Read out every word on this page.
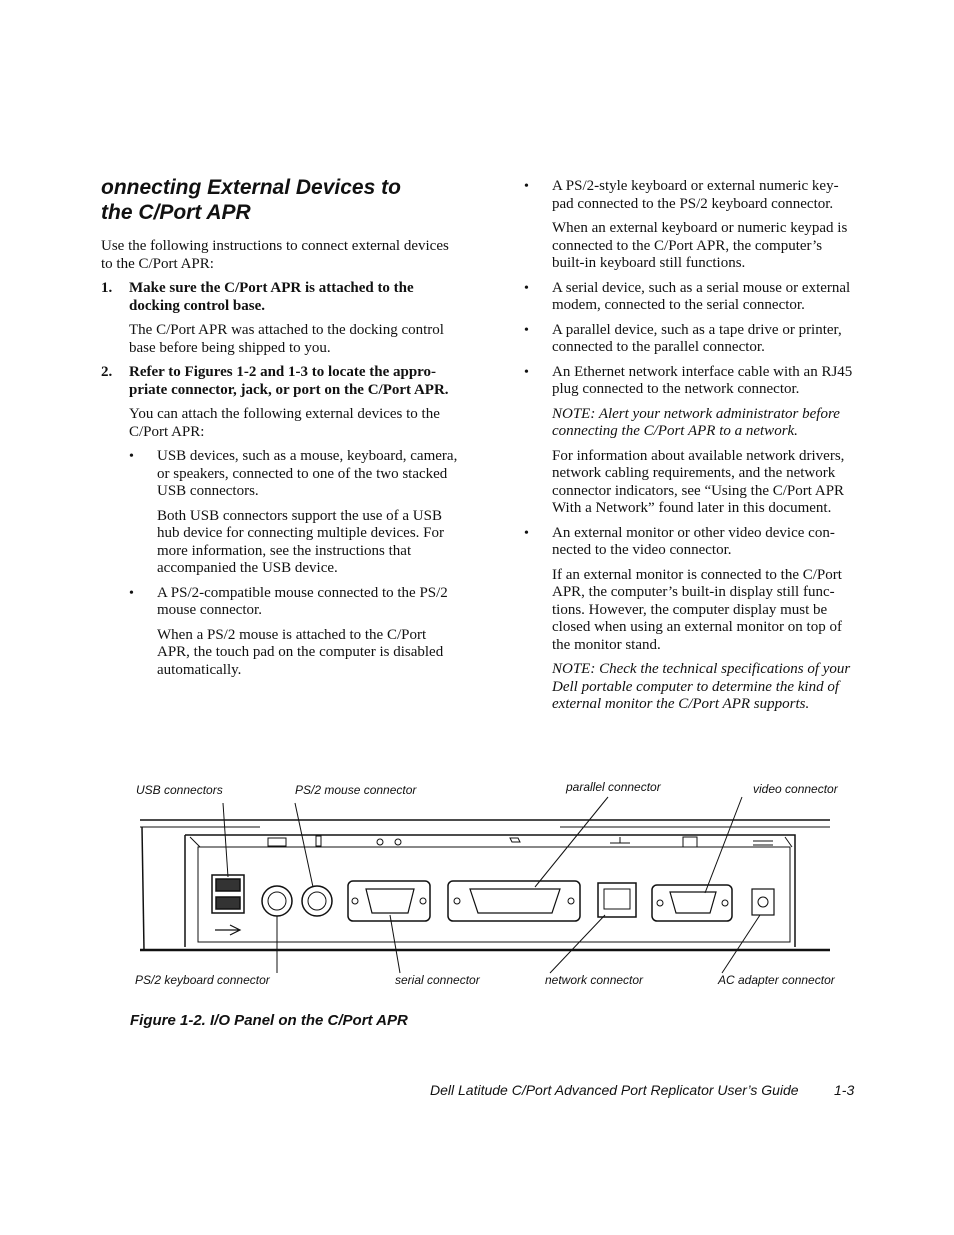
onnecting External Devices to
the C/Port APR

Use the following instructions to connect external devices to the C/Port APR:

1. Make sure the C/Port APR is attached to the docking control base.

The C/Port APR was attached to the docking control base before being shipped to you.

2. Refer to Figures 1-2 and 1-3 to locate the appropriate connector, jack, or port on the C/Port APR.

You can attach the following external devices to the C/Port APR:

• USB devices, such as a mouse, keyboard, camera, or speakers, connected to one of the two stacked USB connectors.

Both USB connectors support the use of a USB hub device for connecting multiple devices. For more information, see the instructions that accompanied the USB device.

• A PS/2-compatible mouse connected to the PS/2 mouse connector.

When a PS/2 mouse is attached to the C/Port APR, the touch pad on the computer is disabled automatically.

• A PS/2-style keyboard or external numeric keypad connected to the PS/2 keyboard connector.

When an external keyboard or numeric keypad is connected to the C/Port APR, the computer’s built-in keyboard still functions.

• A serial device, such as a serial mouse or external modem, connected to the serial connector.
• A parallel device, such as a tape drive or printer, connected to the parallel connector.
• An Ethernet network interface cable with an RJ45 plug connected to the network connector.

NOTE: Alert your network administrator before connecting the C/Port APR to a network.

For information about available network drivers, network cabling requirements, and the network connector indicators, see “Using the C/Port APR With a Network” found later in this document.

• An external monitor or other video device connected to the video connector.

If an external monitor is connected to the C/Port APR, the computer’s built-in display still functions. However, the computer display must be closed when using an external monitor on top of the monitor stand.

NOTE: Check the technical specifications of your Dell portable computer to determine the kind of external monitor the C/Port APR supports.

USB connectors	PS/2 mouse connector	parallel connector	video connector
PS/2 keyboard connector	serial connector	network connector	AC adapter connector
Figure 1-2. I/O Panel on the C/Port APR
Dell Latitude C/Port Advanced Port Replicator User’s Guide	1-3
